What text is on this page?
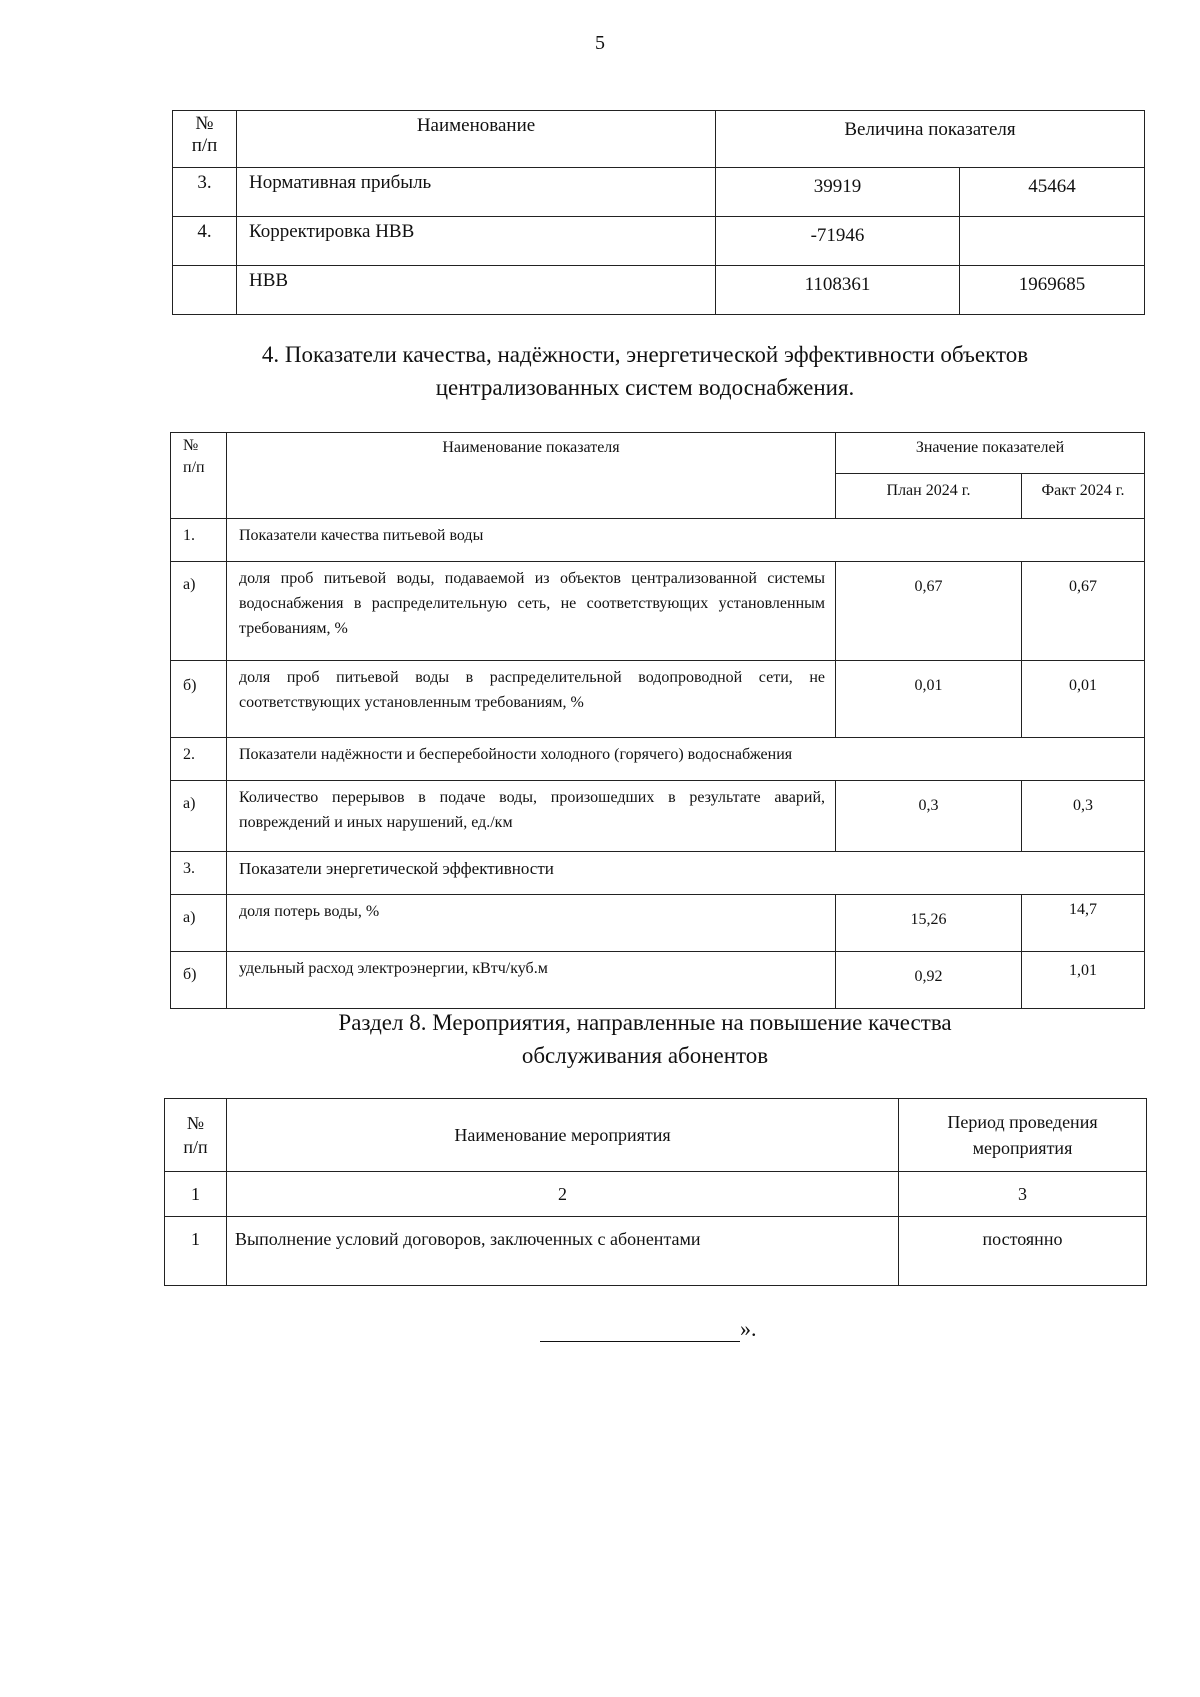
5
№
п/п	Наименование	Величина показателя	
3.	Нормативная прибыль	39919	45464
4.	Корректировка НВВ	-71946	
	НВВ	1108361	1969685
4. Показатели качества, надёжности, энергетической эффективности объектов
централизованных систем водоснабжения.
№
п/п	Наименование показателя	Значение показателей	
		План 2024 г.	Факт 2024 г.
1.	Показатели качества питьевой воды		
а)	доля проб питьевой воды, подаваемой из объектов централизованной системы водоснабжения в распределительную сеть, не соответствующих установленным требованиям, %	0,67	0,67
б)	доля проб питьевой воды в распределительной водопроводной сети, не соответствующих установленным требованиям, %	0,01	0,01
2.	Показатели надёжности и бесперебойности холодного (горячего) водоснабжения		
а)	Количество перерывов в подаче воды, произошедших в результате аварий, повреждений и иных нарушений, ед./км	0,3	0,3
3.	Показатели энергетической эффективности		
а)	доля потерь воды, %	15,26	14,7
б)	удельный расход электроэнергии, кВтч/куб.м	0,92	1,01
Раздел 8. Мероприятия, направленные на повышение качества
обслуживания абонентов
№
п/п	Наименование мероприятия	Период проведения мероприятия
1	2	3
1	Выполнение условий договоров, заключенных с абонентами	постоянно
».
